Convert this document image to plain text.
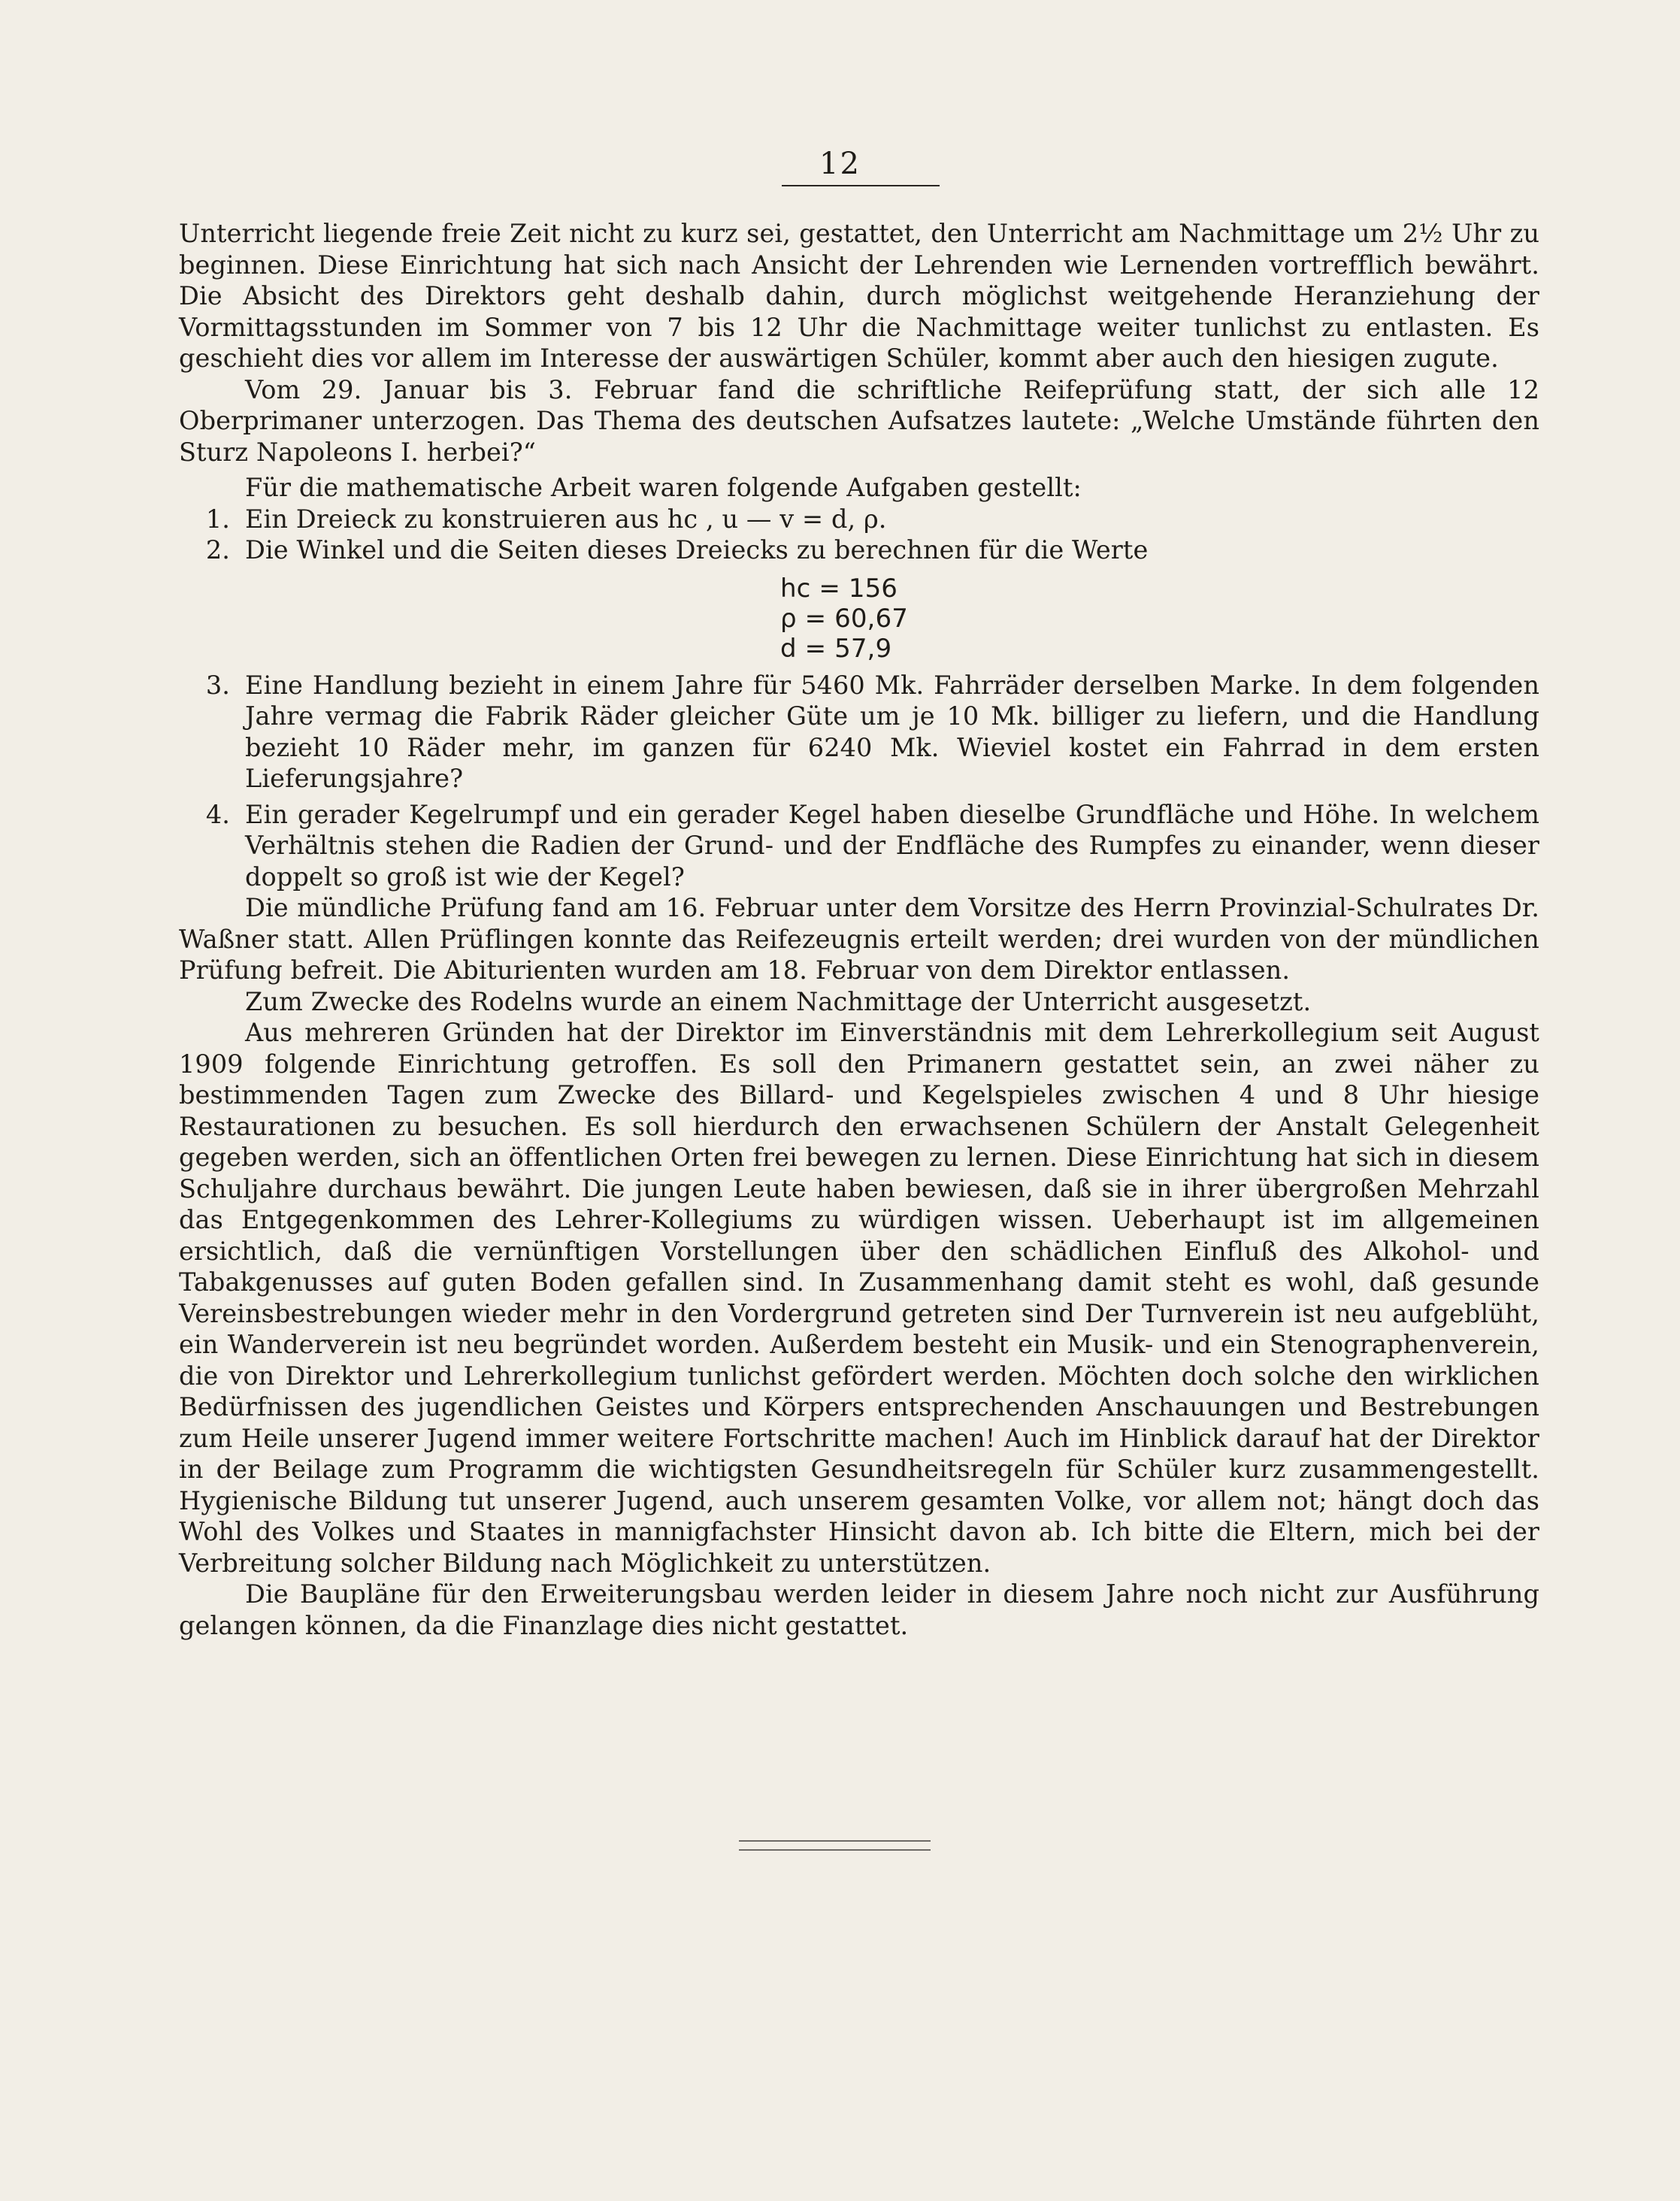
12

Unterricht liegende freie Zeit nicht zu kurz sei, gestattet, den Unterricht am Nachmittage um 2½ Uhr zu beginnen. Diese Einrichtung hat sich nach Ansicht der Lehrenden wie Lernenden vortrefflich bewährt. Die Absicht des Direktors geht deshalb dahin, durch möglichst weitgehende Heranziehung der Vormittagsstunden im Sommer von 7 bis 12 Uhr die Nachmittage weiter tunlichst zu entlasten. Es geschieht dies vor allem im Interesse der auswärtigen Schüler, kommt aber auch den hiesigen zugute.

Vom 29. Januar bis 3. Februar fand die schriftliche Reifeprüfung statt, der sich alle 12 Oberprimaner unterzogen. Das Thema des deutschen Aufsatzes lautete: „Welche Umstände führten den Sturz Napoleons I. herbei?“

Für die mathematische Arbeit waren folgende Aufgaben gestellt:

1. Ein Dreieck zu konstruieren aus hc , u — v = d, ρ.
2. Die Winkel und die Seiten dieses Dreiecks zu berechnen für die Werte
hc = 156
ρ = 60,67
d = 57,9
3. Eine Handlung bezieht in einem Jahre für 5460 Mk. Fahrräder derselben Marke. In dem folgenden Jahre vermag die Fabrik Räder gleicher Güte um je 10 Mk. billiger zu liefern, und die Handlung bezieht 10 Räder mehr, im ganzen für 6240 Mk. Wieviel kostet ein Fahrrad in dem ersten Lieferungsjahre?
4. Ein gerader Kegelrumpf und ein gerader Kegel haben dieselbe Grundfläche und Höhe. In welchem Verhältnis stehen die Radien der Grund- und der Endfläche des Rumpfes zu einander, wenn dieser doppelt so groß ist wie der Kegel?

Die mündliche Prüfung fand am 16. Februar unter dem Vorsitze des Herrn Provinzial-Schulrates Dr. Waßner statt. Allen Prüflingen konnte das Reifezeugnis erteilt werden; drei wurden von der mündlichen Prüfung befreit. Die Abiturienten wurden am 18. Februar von dem Direktor entlassen.

Zum Zwecke des Rodelns wurde an einem Nachmittage der Unterricht ausgesetzt.

Aus mehreren Gründen hat der Direktor im Einverständnis mit dem Lehrerkollegium seit August 1909 folgende Einrichtung getroffen. Es soll den Primanern gestattet sein, an zwei näher zu bestimmenden Tagen zum Zwecke des Billard- und Kegelspieles zwischen 4 und 8 Uhr hiesige Restaurationen zu besuchen. Es soll hierdurch den erwachsenen Schülern der Anstalt Gelegenheit gegeben werden, sich an öffentlichen Orten frei bewegen zu lernen. Diese Einrichtung hat sich in diesem Schuljahre durchaus bewährt. Die jungen Leute haben bewiesen, daß sie in ihrer übergroßen Mehrzahl das Entgegenkommen des Lehrer-Kollegiums zu würdigen wissen. Ueberhaupt ist im allgemeinen ersichtlich, daß die vernünftigen Vorstellungen über den schädlichen Einfluß des Alkohol- und Tabakgenusses auf guten Boden gefallen sind. In Zusammenhang damit steht es wohl, daß gesunde Vereinsbestrebungen wieder mehr in den Vordergrund getreten sind Der Turnverein ist neu aufgeblüht, ein Wanderverein ist neu begründet worden. Außerdem besteht ein Musik- und ein Stenographenverein, die von Direktor und Lehrerkollegium tunlichst gefördert werden. Möchten doch solche den wirklichen Bedürfnissen des jugendlichen Geistes und Körpers entsprechenden Anschauungen und Bestrebungen zum Heile unserer Jugend immer weitere Fortschritte machen! Auch im Hinblick darauf hat der Direktor in der Beilage zum Programm die wichtigsten Gesundheitsregeln für Schüler kurz zusammengestellt. Hygienische Bildung tut unserer Jugend, auch unserem gesamten Volke, vor allem not; hängt doch das Wohl des Volkes und Staates in mannigfachster Hinsicht davon ab. Ich bitte die Eltern, mich bei der Verbreitung solcher Bildung nach Möglichkeit zu unterstützen.

Die Baupläne für den Erweiterungsbau werden leider in diesem Jahre noch nicht zur Ausführung gelangen können, da die Finanzlage dies nicht gestattet.
